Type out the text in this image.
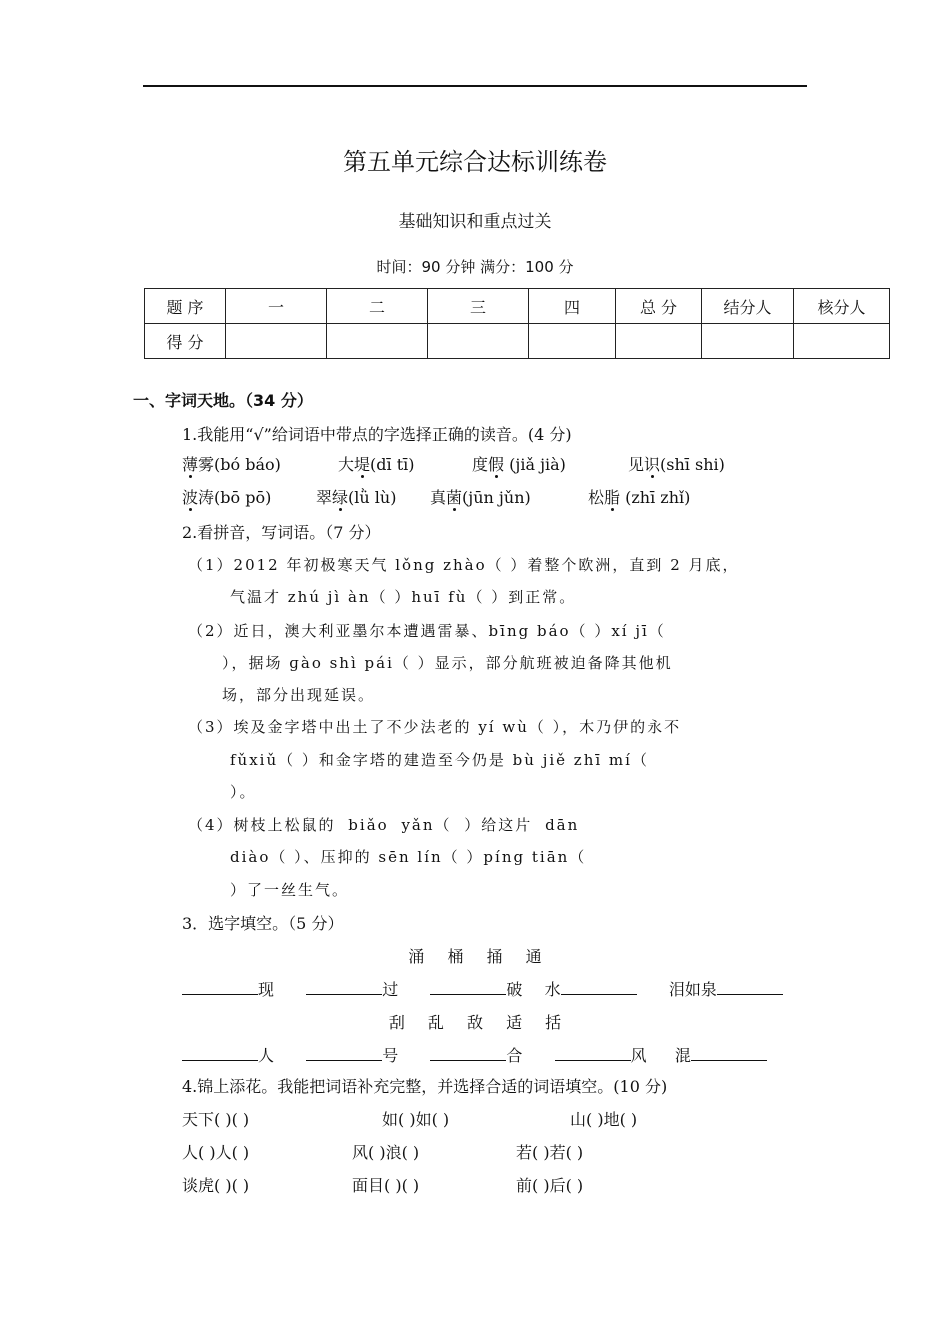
第五单元综合达标训练卷
基础知识和重点过关
时间：90 分钟 满分：100 分
题 序	一	二	三	四	总 分	结分人	核分人
得 分							
一、字词天地。（34 分）
1.我能用“√”给词语中带点的字选择正确的读音。(4 分)
薄雾(bó báo)	大堤(dī tī)	度假 (jiǎ jià)	见识(shī shi)
波涛(bō pō)	翠绿(lǜ lù) 真菌(jūn jǔn)	松脂 (zhī zhǐ)
2.看拼音，写词语。（7 分）
（1）2012 年初极寒天气 lǒng zhào（ ）着整个欧洲，直到 2 月底，
气温才 zhú jì àn（ ）huī fù（ ）到正常。
（2）近日，澳大利亚墨尔本遭遇雷暴、bīng báo（ ）xí jī（
），据场 ɡào shì pái（ ）显示，部分航班被迫备降其他机
场，部分出现延误。
（3）埃及金字塔中出土了不少法老的 yí wù（ ），木乃伊的永不
fǔxiǔ（ ）和金字塔的建造至今仍是 bù jiě zhī mí（
）。
（4）树枝上松鼠的 biǎo yǎn（ ）给这片 dān
diào（ ）、压抑的 sēn lín（ ）píng tiān（
）了一丝生气。
3．选字填空。（5 分）
涌 桶 捅 通
现	过	破 水	泪如泉
刮 乱 敌 适 括
人	号	合	风 混
4.锦上添花。我能把词语补充完整，并选择合适的词语填空。(10 分)
天下( )( )	如( )如( )	山( )地( )
人( )人( )	风( )浪( )	若( )若( )
谈虎( )( )	面目( )( )	前( )后( )
